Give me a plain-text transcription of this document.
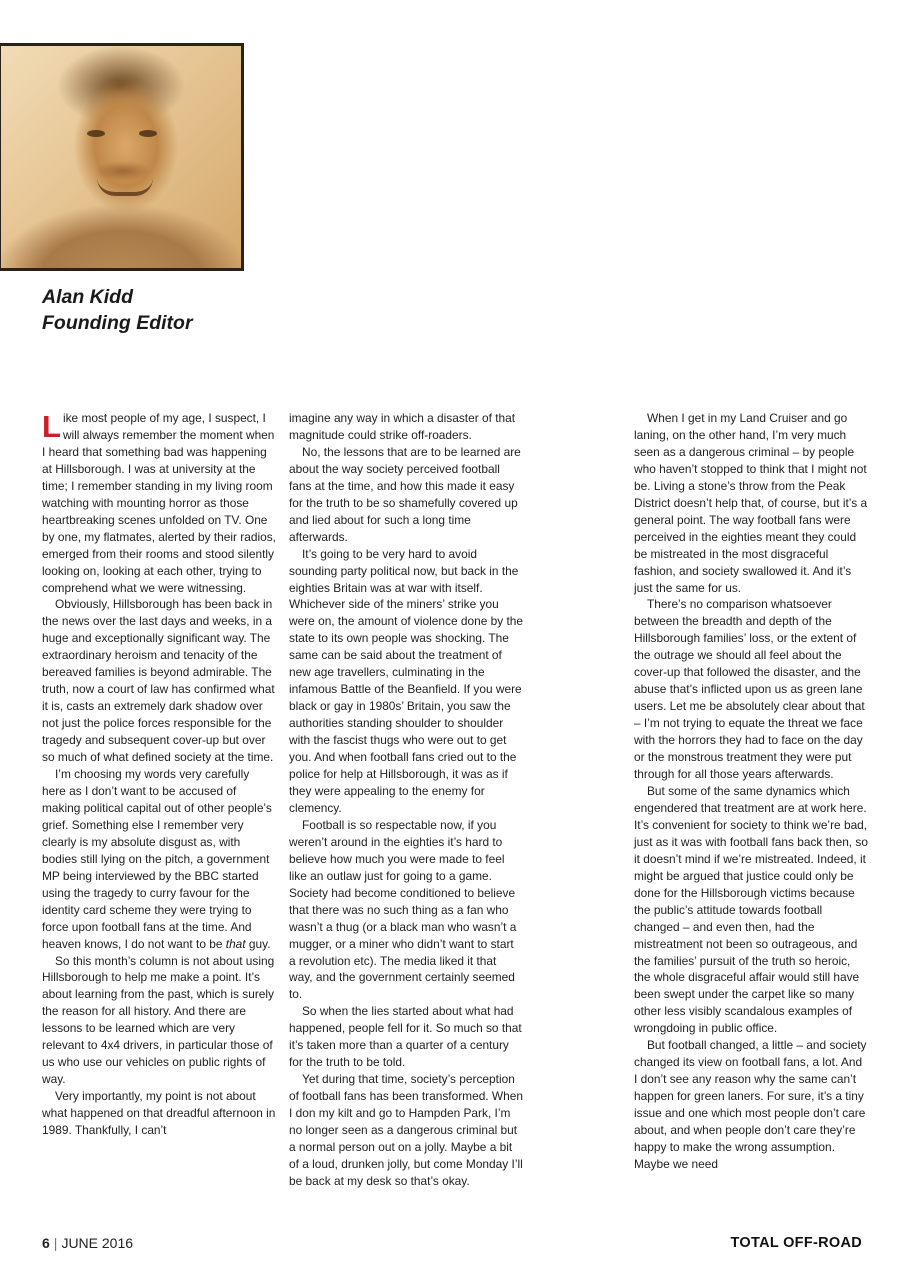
Alan Kidd
Founding Editor

Like most people of my age, I suspect, I will always remember the moment when I heard that something bad was happening at Hillsborough. I was at university at the time; I remember standing in my living room watching with mounting horror as those heartbreaking scenes unfolded on TV. One by one, my flatmates, alerted by their radios, emerged from their rooms and stood silently looking on, looking at each other, trying to comprehend what we were witnessing.

Obviously, Hillsborough has been back in the news over the last days and weeks, in a huge and exceptionally significant way. The extraordinary heroism and tenacity of the bereaved families is beyond admirable. The truth, now a court of law has confirmed what it is, casts an extremely dark shadow over not just the police forces responsible for the tragedy and subsequent cover-up but over so much of what defined society at the time.

I’m choosing my words very carefully here as I don’t want to be accused of making political capital out of other people’s grief. Something else I remember very clearly is my absolute disgust as, with bodies still lying on the pitch, a government MP being interviewed by the BBC started using the tragedy to curry favour for the identity card scheme they were trying to force upon football fans at the time. And heaven knows, I do not want to be that guy.

So this month’s column is not about using Hillsborough to help me make a point. It’s about learning from the past, which is surely the reason for all history. And there are lessons to be learned which are very relevant to 4x4 drivers, in particular those of us who use our vehicles on public rights of way.

Very importantly, my point is not about what happened on that dreadful afternoon in 1989. Thankfully, I can’t

imagine any way in which a disaster of that magnitude could strike off-roaders.

No, the lessons that are to be learned are about the way society perceived football fans at the time, and how this made it easy for the truth to be so shamefully covered up and lied about for such a long time afterwards.

It’s going to be very hard to avoid sounding party political now, but back in the eighties Britain was at war with itself. Whichever side of the miners’ strike you were on, the amount of violence done by the state to its own people was shocking. The same can be said about the treatment of new age travellers, culminating in the infamous Battle of the Beanfield. If you were black or gay in 1980s’ Britain, you saw the authorities standing shoulder to shoulder with the fascist thugs who were out to get you. And when football fans cried out to the police for help at Hillsborough, it was as if they were appealing to the enemy for clemency.

Football is so respectable now, if you weren’t around in the eighties it’s hard to believe how much you were made to feel like an outlaw just for going to a game. Society had become conditioned to believe that there was no such thing as a fan who wasn’t a thug (or a black man who wasn’t a mugger, or a miner who didn’t want to start a revolution etc). The media liked it that way, and the government certainly seemed to.

So when the lies started about what had happened, people fell for it. So much so that it’s taken more than a quarter of a century for the truth to be told.

Yet during that time, society’s perception of football fans has been transformed. When I don my kilt and go to Hampden Park, I’m no longer seen as a dangerous criminal but a normal person out on a jolly. Maybe a bit of a loud, drunken jolly, but come Monday I’ll be back at my desk so that’s okay.

When I get in my Land Cruiser and go laning, on the other hand, I’m very much seen as a dangerous criminal – by people who haven’t stopped to think that I might not be. Living a stone’s throw from the Peak District doesn’t help that, of course, but it’s a general point. The way football fans were perceived in the eighties meant they could be mistreated in the most disgraceful fashion, and society swallowed it. And it’s just the same for us.

There’s no comparison whatsoever between the breadth and depth of the Hillsborough families’ loss, or the extent of the outrage we should all feel about the cover-up that followed the disaster, and the abuse that’s inflicted upon us as green lane users. Let me be absolutely clear about that – I’m not trying to equate the threat we face with the horrors they had to face on the day or the monstrous treatment they were put through for all those years afterwards.

But some of the same dynamics which engendered that treatment are at work here. It’s convenient for society to think we’re bad, just as it was with football fans back then, so it doesn’t mind if we’re mistreated. Indeed, it might be argued that justice could only be done for the Hillsborough victims because the public’s attitude towards football changed – and even then, had the mistreatment not been so outrageous, and the families’ pursuit of the truth so heroic, the whole disgraceful affair would still have been swept under the carpet like so many other less visibly scandalous examples of wrongdoing in public office.

But football changed, a little – and society changed its view on football fans, a lot. And I don’t see any reason why the same can’t happen for green laners. For sure, it’s a tiny issue and one which most people don’t care about, and when people don’t care they’re happy to make the wrong assumption. Maybe we need

6 | JUNE 2016	TOTAL OFF-ROAD
